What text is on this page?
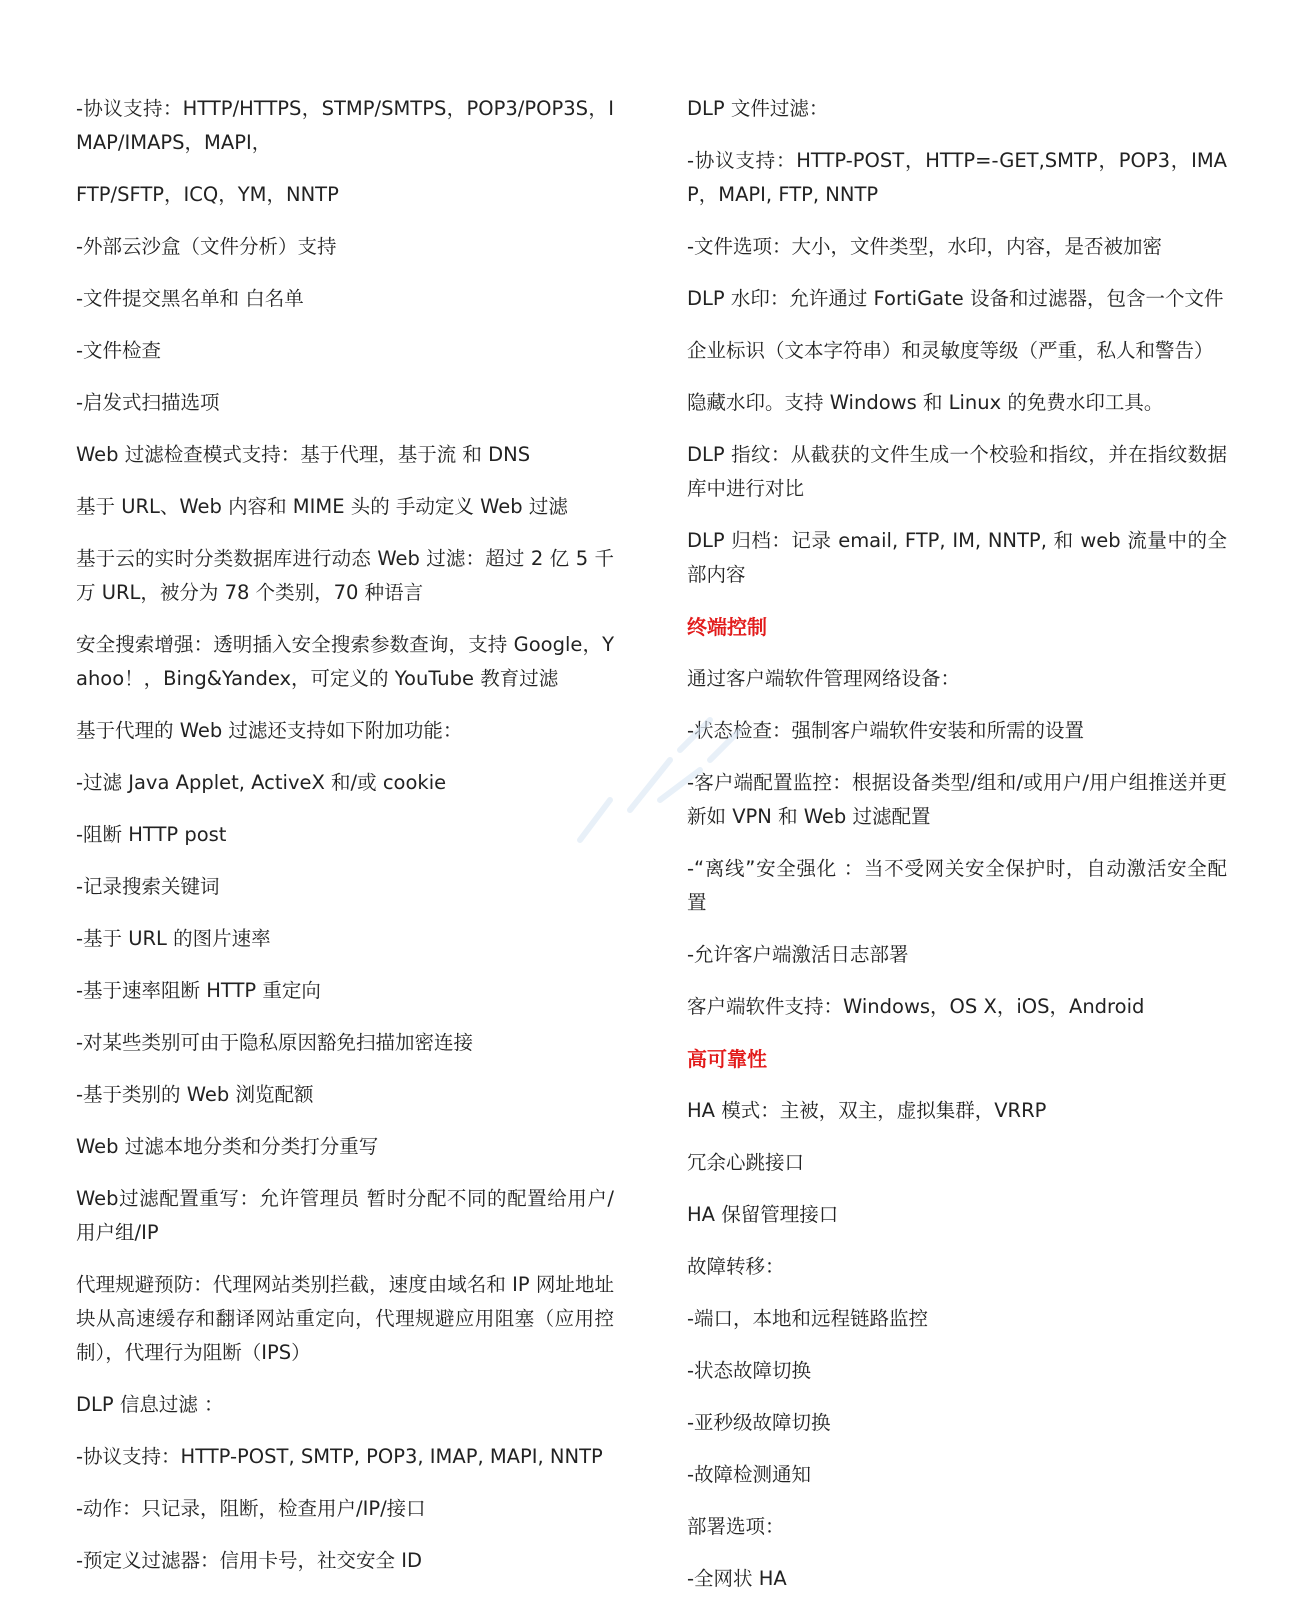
-协议支持：HTTP/HTTPS，STMP/SMTPS，POP3/POP3S，IMAP/IMAPS，MAPI，

FTP/SFTP，ICQ，YM，NNTP

-外部云沙盒（文件分析）支持

-文件提交黑名单和 白名单

-文件检查

-启发式扫描选项

Web 过滤检查模式支持：基于代理，基于流 和 DNS

基于 URL、Web 内容和 MIME 头的 手动定义 Web 过滤

基于云的实时分类数据库进行动态 Web 过滤：超过 2 亿 5 千万 URL，被分为 78 个类别，70 种语言

安全搜索增强：透明插入安全搜索参数查询，支持 Google，Yahoo！，Bing&Yandex，可定义的 YouTube 教育过滤

基于代理的 Web 过滤还支持如下附加功能：

-过滤 Java Applet, ActiveX 和/或 cookie

-阻断 HTTP post

-记录搜索关键词

-基于 URL 的图片速率

-基于速率阻断 HTTP 重定向

-对某些类别可由于隐私原因豁免扫描加密连接

-基于类别的 Web 浏览配额

Web 过滤本地分类和分类打分重写

Web过滤配置重写：允许管理员 暂时分配不同的配置给用户/用户组/IP

代理规避预防：代理网站类别拦截，速度由域名和 IP 网址地址块从高速缓存和翻译网站重定向，代理规避应用阻塞（应用控制），代理行为阻断（IPS）

DLP 信息过滤 ：

-协议支持：HTTP-POST, SMTP, POP3, IMAP, MAPI, NNTP

-动作：只记录，阻断，检查用户/IP/接口

-预定义过滤器：信用卡号，社交安全 ID

DLP 文件过滤：

-协议支持：HTTP-POST，HTTP=-GET,SMTP，POP3，IMAP，MAPI, FTP, NNTP

-文件选项：大小，文件类型，水印，内容，是否被加密

DLP 水印：允许通过 FortiGate 设备和过滤器，包含一个文件

企业标识（文本字符串）和灵敏度等级（严重，私人和警告）

隐藏水印。支持 Windows 和 Linux 的免费水印工具。

DLP 指纹：从截获的文件生成一个校验和指纹，并在指纹数据库中进行对比

DLP 归档：记录 email, FTP, IM, NNTP, 和 web 流量中的全部内容

终端控制

通过客户端软件管理网络设备：

-状态检查：强制客户端软件安装和所需的设置

-客户端配置监控：根据设备类型/组和/或用户/用户组推送并更新如 VPN 和 Web 过滤配置

-“离线”安全强化 ：当不受网关安全保护时，自动激活安全配置

-允许客户端激活日志部署

客户端软件支持：Windows，OS X，iOS，Android

高可靠性

HA 模式：主被，双主，虚拟集群，VRRP

冗余心跳接口

HA 保留管理接口

故障转移：

-端口，本地和远程链路监控

-状态故障切换

-亚秒级故障切换

-故障检测通知

部署选项：

-全网状 HA
